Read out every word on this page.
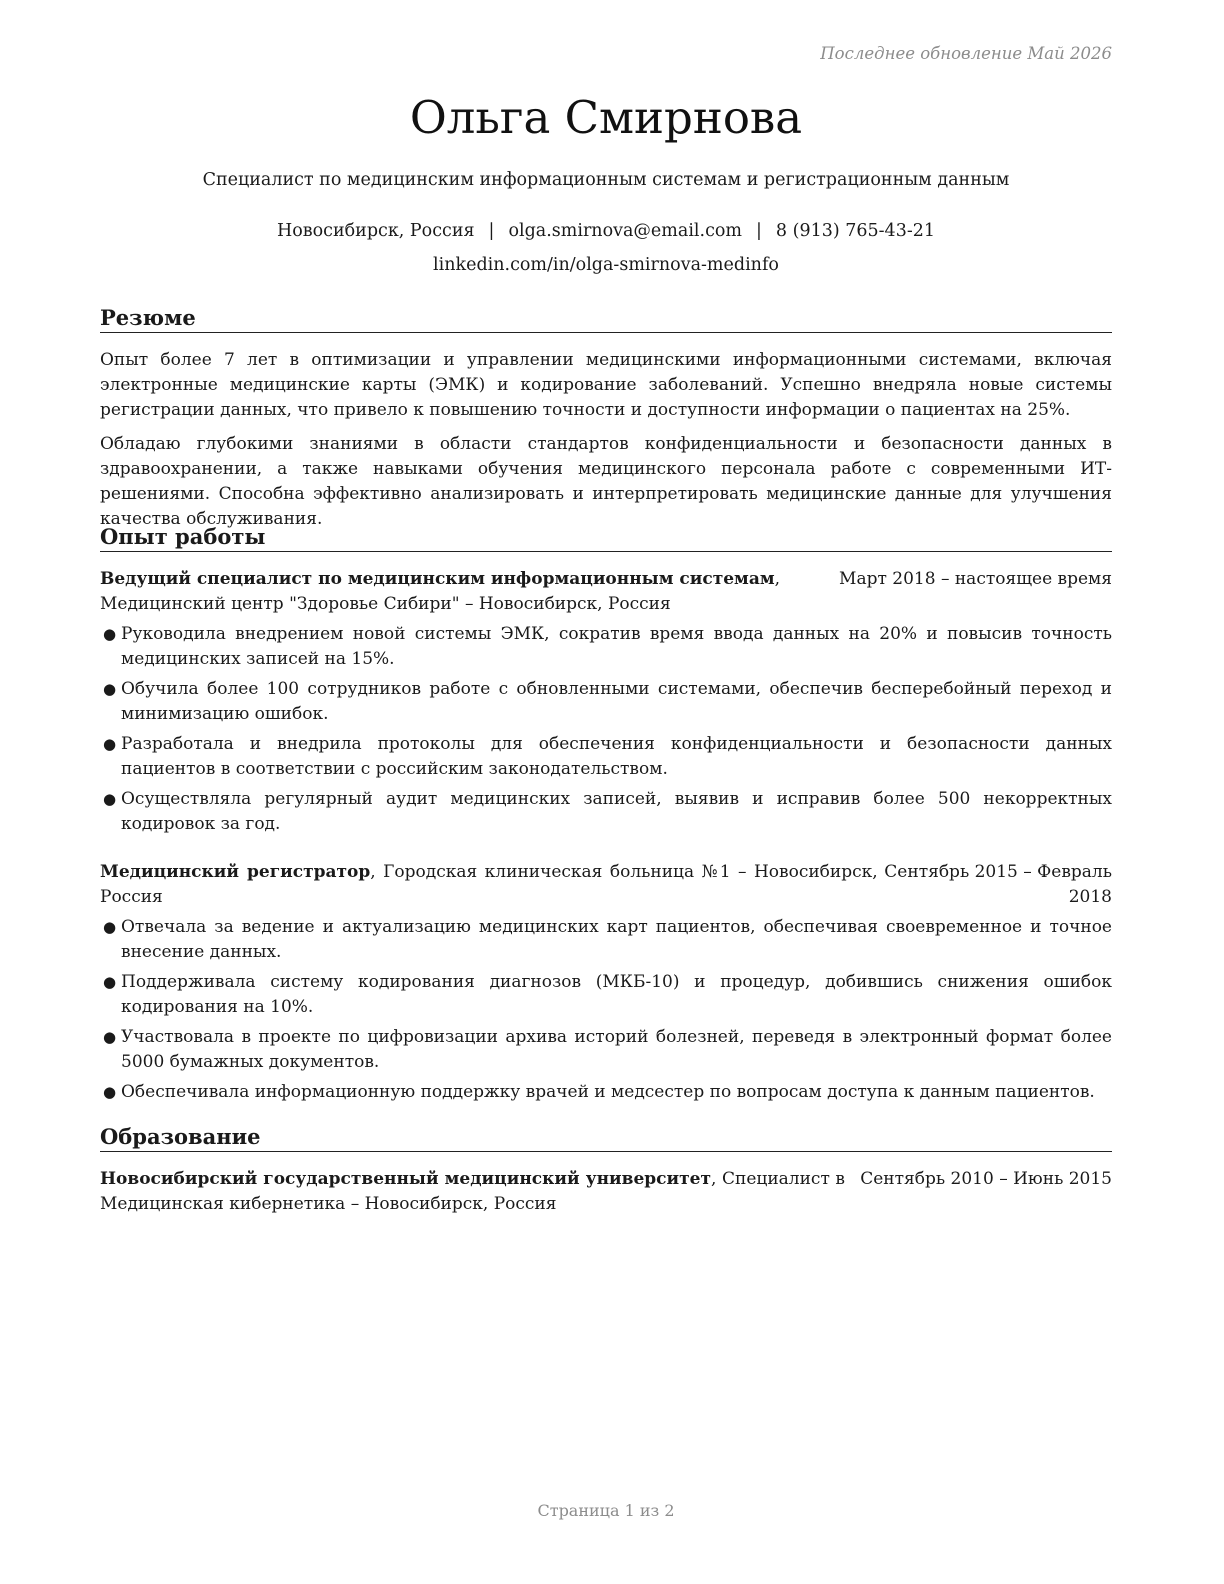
Последнее обновление Май 2026
Ольга Смирнова
Специалист по медицинским информационным системам и регистрационным данным
Новосибирск, Россия | olga.smirnova@email.com | 8 (913) 765-43-21
linkedin.com/in/olga-smirnova-medinfo
Резюме

Опыт более 7 лет в оптимизации и управлении медицинскими информационными системами, включая электронные медицинские карты (ЭМК) и кодирование заболеваний. Успешно внедряла новые системы регистрации данных, что привело к повышению точности и доступности информации о пациентах на 25%.

Обладаю глубокими знаниями в области стандартов конфиденциальности и безопасности данных в здравоохранении, а также навыками обучения медицинского персонала работе с современными ИТ-решениями. Способна эффективно анализировать и интерпретировать медицинские данные для улучшения качества обслуживания.

Опыт работы
Ведущий специалист по медицинским информационным системам, Медицинский центр "Здоровье Сибири" – Новосибирск, Россия
Март 2018 – настоящее время
● Руководила внедрением новой системы ЭМК, сократив время ввода данных на 20% и повысив точность медицинских записей на 15%.
● Обучила более 100 сотрудников работе с обновленными системами, обеспечив бесперебойный переход и минимизацию ошибок.
● Разработала и внедрила протоколы для обеспечения конфиденциальности и безопасности данных пациентов в соответствии с российским законодательством.
● Осуществляла регулярный аудит медицинских записей, выявив и исправив более 500 некорректных кодировок за год.
Медицинский регистратор, Городская клиническая больница №1 – Новосибирск, Россия
Сентябрь 2015 – Февраль 2018
● Отвечала за ведение и актуализацию медицинских карт пациентов, обеспечивая своевременное и точное внесение данных.
● Поддерживала систему кодирования диагнозов (МКБ-10) и процедур, добившись снижения ошибок кодирования на 10%.
● Участвовала в проекте по цифровизации архива историй болезней, переведя в электронный формат более 5000 бумажных документов.
● Обеспечивала информационную поддержку врачей и медсестер по вопросам доступа к данным пациентов.
Образование
Новосибирский государственный медицинский университет, Специалист в Медицинская кибернетика – Новосибирск, Россия
Сентябрь 2010 – Июнь 2015
Страница 1 из 2
